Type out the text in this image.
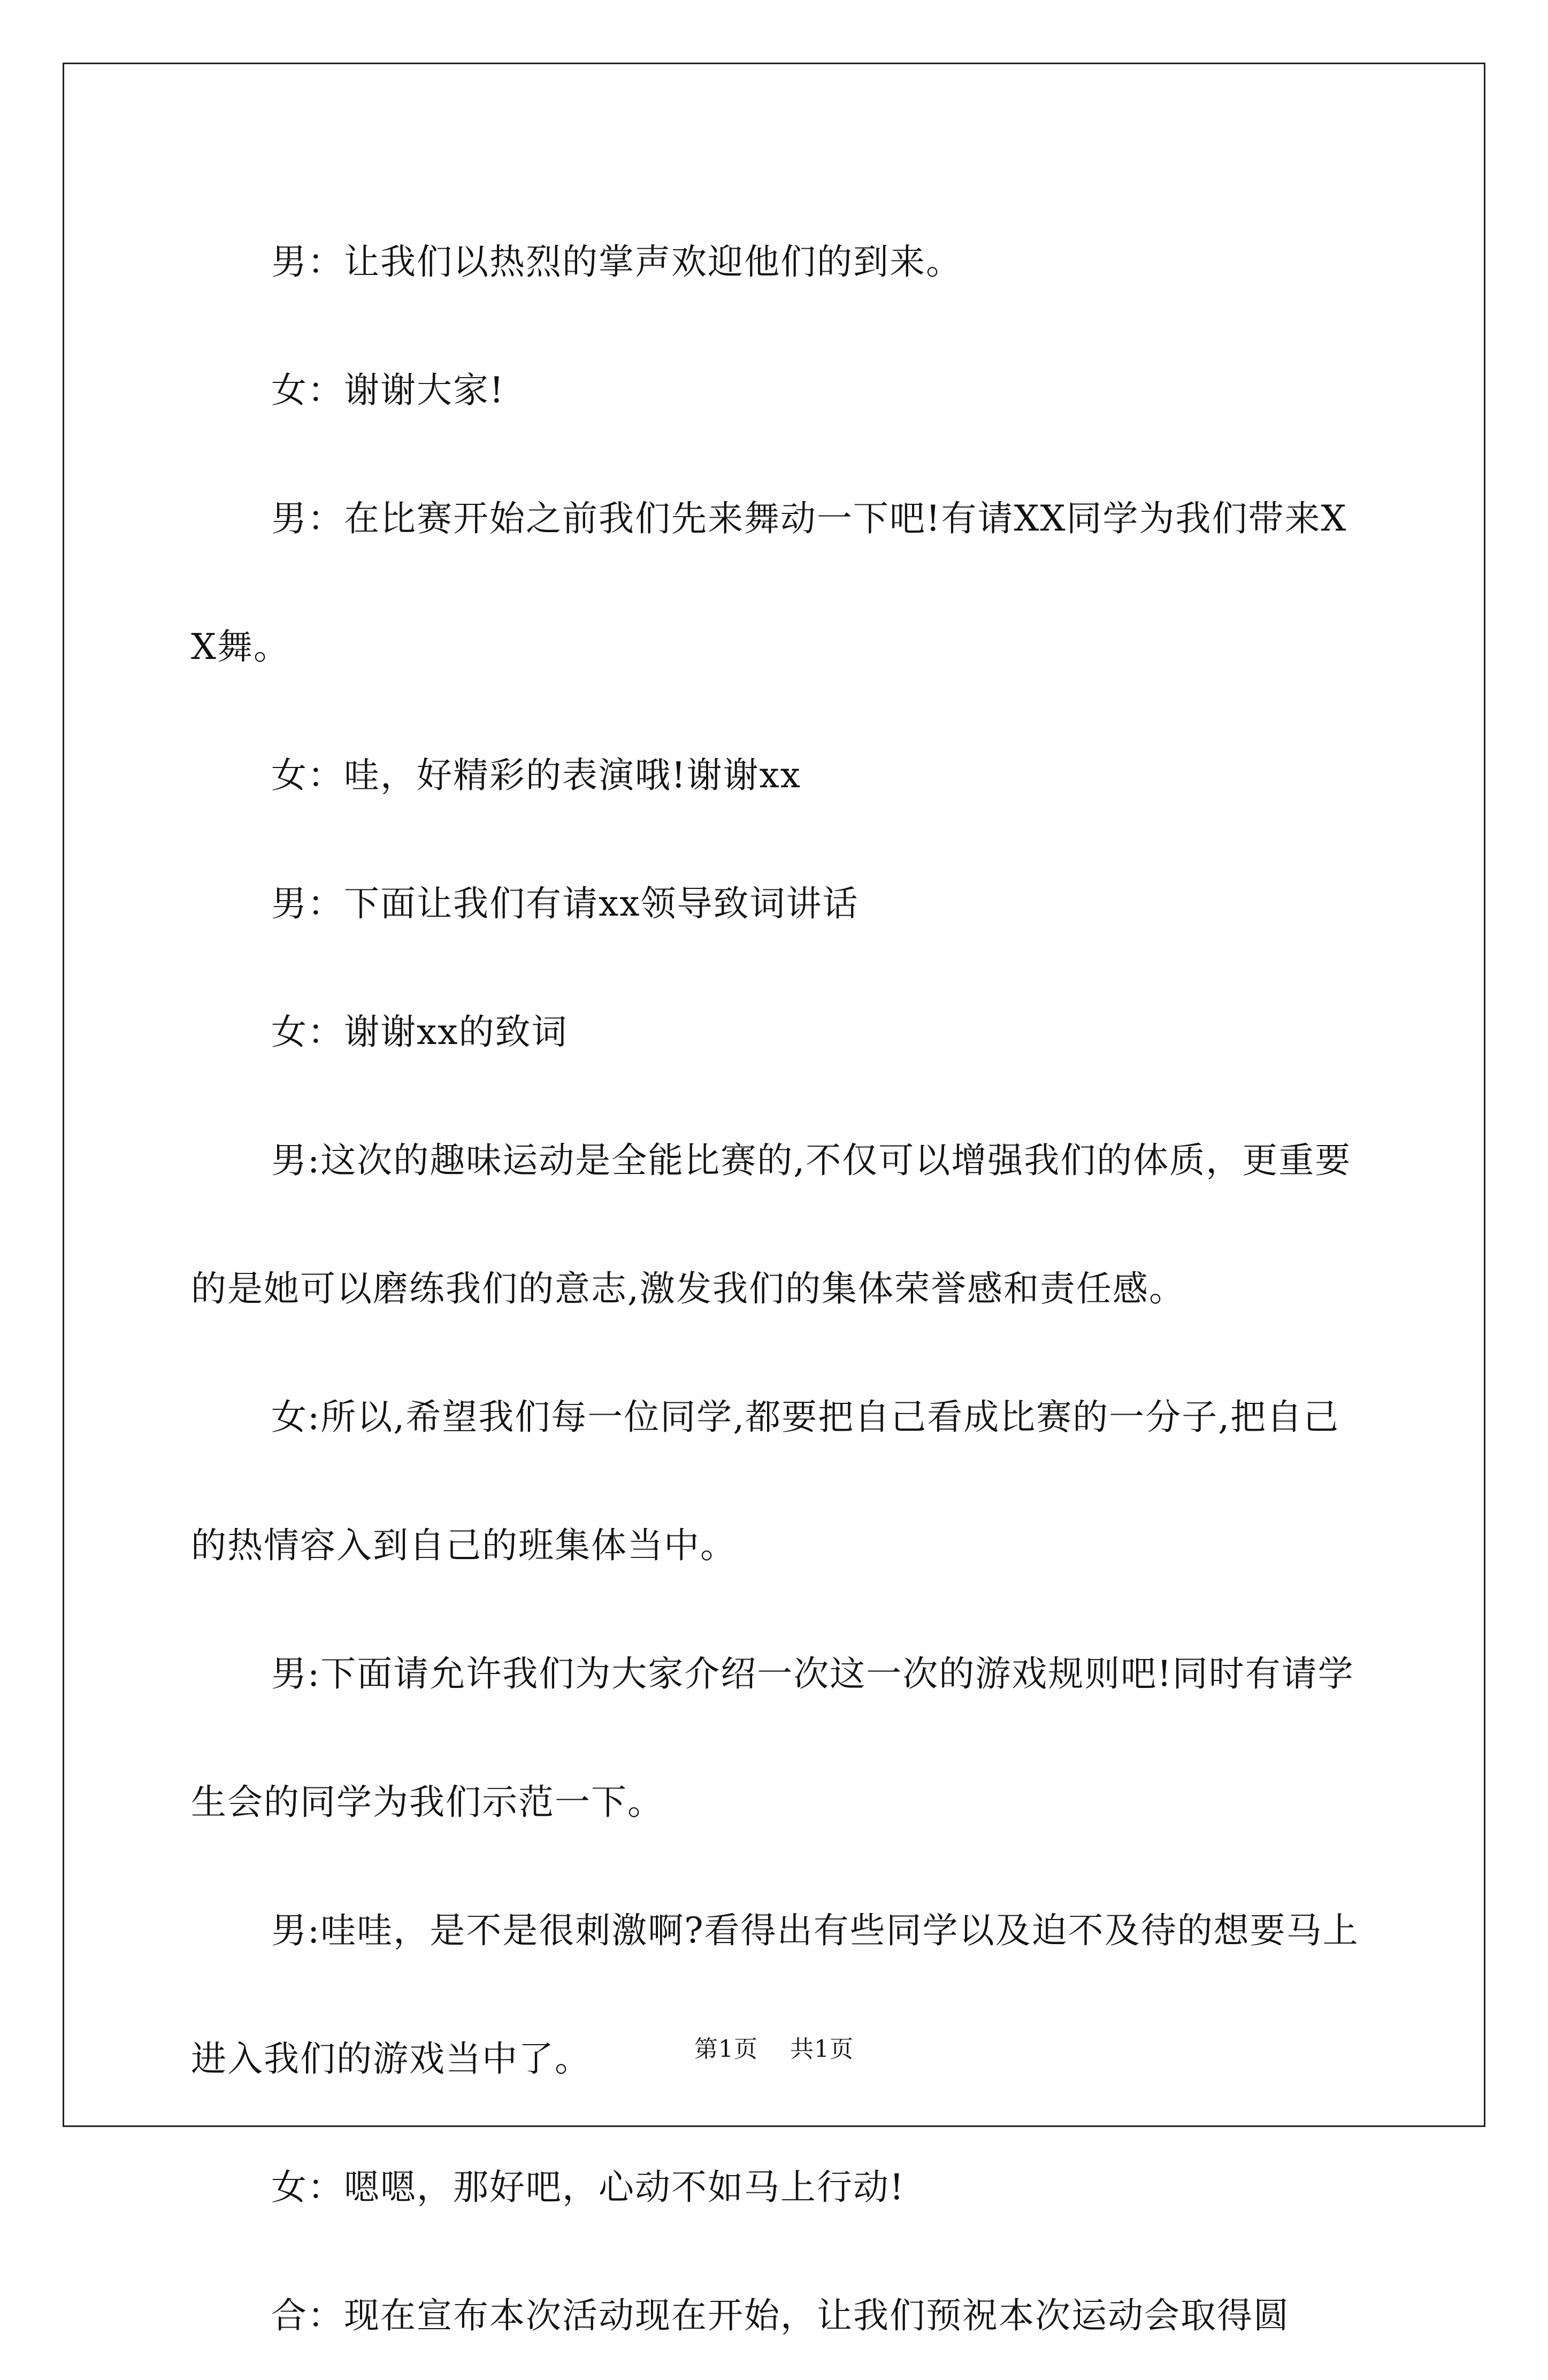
男：让我们以热烈的掌声欢迎他们的到来。

女：谢谢大家!

男：在比赛开始之前我们先来舞动一下吧!有请XX同学为我们带来XX舞。

女：哇，好精彩的表演哦!谢谢xx

男：下面让我们有请xx领导致词讲话

女：谢谢xx的致词

男:这次的趣味运动是全能比赛的,不仅可以增强我们的体质，更重要的是她可以磨练我们的意志,激发我们的集体荣誉感和责任感。

女:所以,希望我们每一位同学,都要把自己看成比赛的一分子,把自己的热情容入到自己的班集体当中。

男:下面请允许我们为大家介绍一次这一次的游戏规则吧!同时有请学生会的同学为我们示范一下。

男:哇哇，是不是很刺激啊?看得出有些同学以及迫不及待的想要马上进入我们的游戏当中了。

女：嗯嗯，那好吧，心动不如马上行动!

合：现在宣布本次活动现在开始，让我们预祝本次运动会取得圆

第1页 共1页
